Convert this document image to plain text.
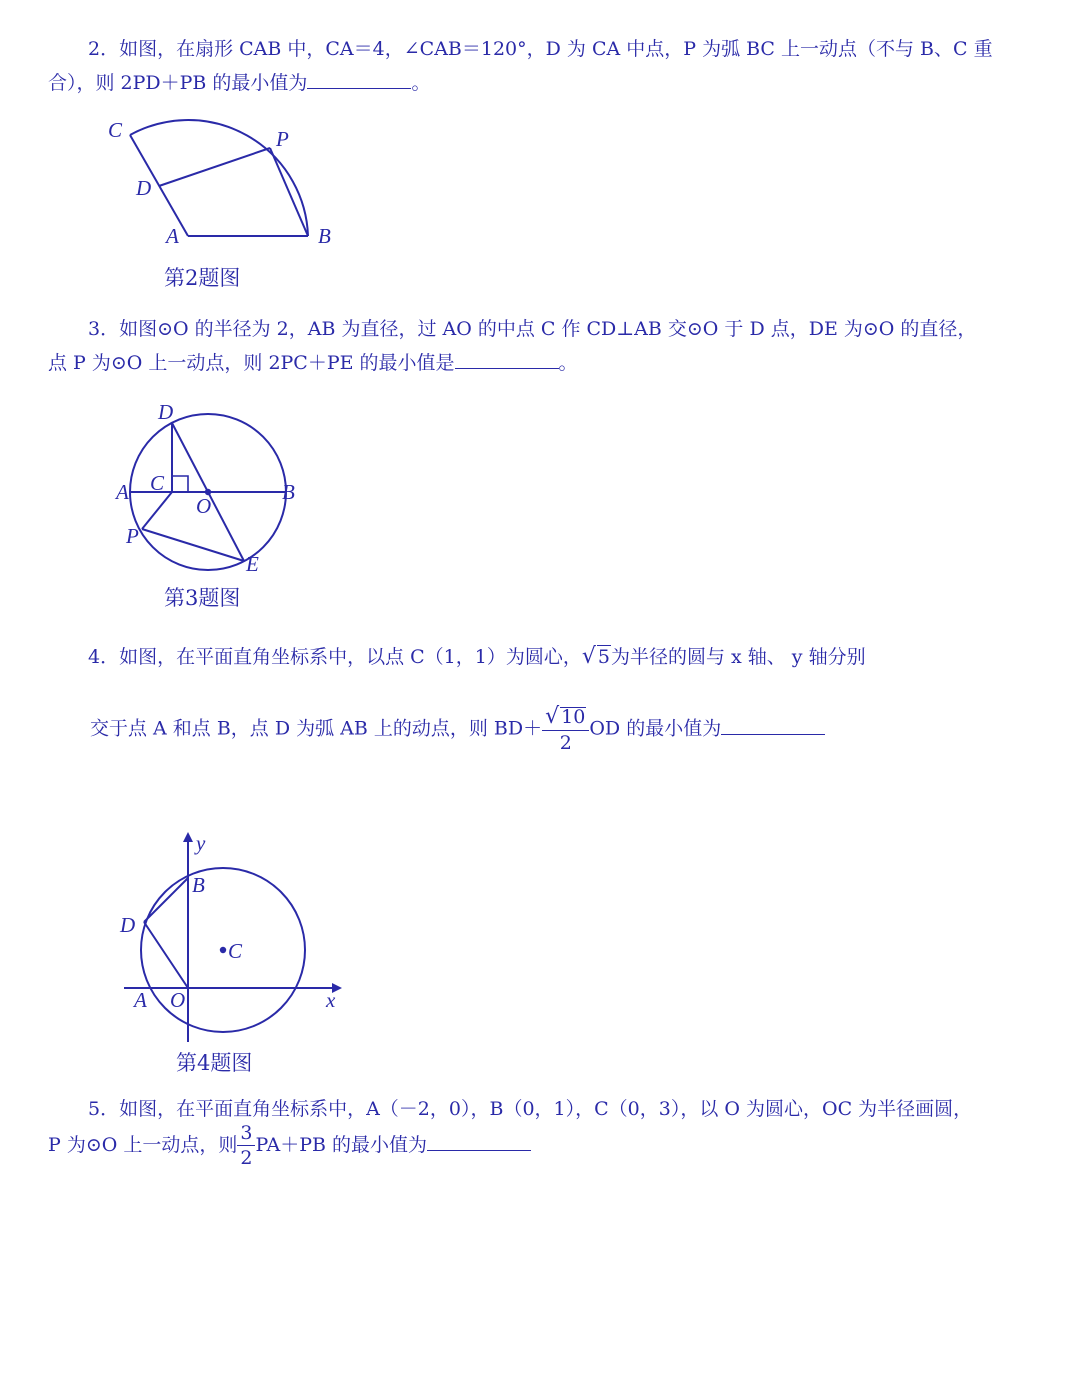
2．如图，在扇形 CAB 中，CA＝4，∠CAB＝120°，D 为 CA 中点，P 为弧 BC 上一动点（不与 B、C 重
合），则 2PD＋PB 的最小值为	。
C	P
D
A	B
第2题图
3．如图⊙O 的半径为 2，AB 为直径，过 AO 的中点 C 作 CD⊥AB 交⊙O 于 D 点，DE 为⊙O 的直径，
点 P 为⊙O 上一动点，则 2PC＋PE 的最小值是	。
D
A C
O
B
P
E
第3题图
4．如图，在平面直角坐标系中，以点 C（1，1）为圆心，√ 5为半径的圆与 x 轴、 y 轴分别
交于点 A 和点 B，点 D 为弧 AB 上的动点，则 $BD+ \frac{√ 10}{2}$ OD 的最小值为
y
B
D
C
A O	x
第4题图
5．如图，在平面直角坐标系中，A（－2，0），B（0，1），C（0，3），以 O 为圆心，OC 为半径画圆，
P 为⊙O 上一动点，则 $\frac{3}{2} PA+PB$ 的最小值为
